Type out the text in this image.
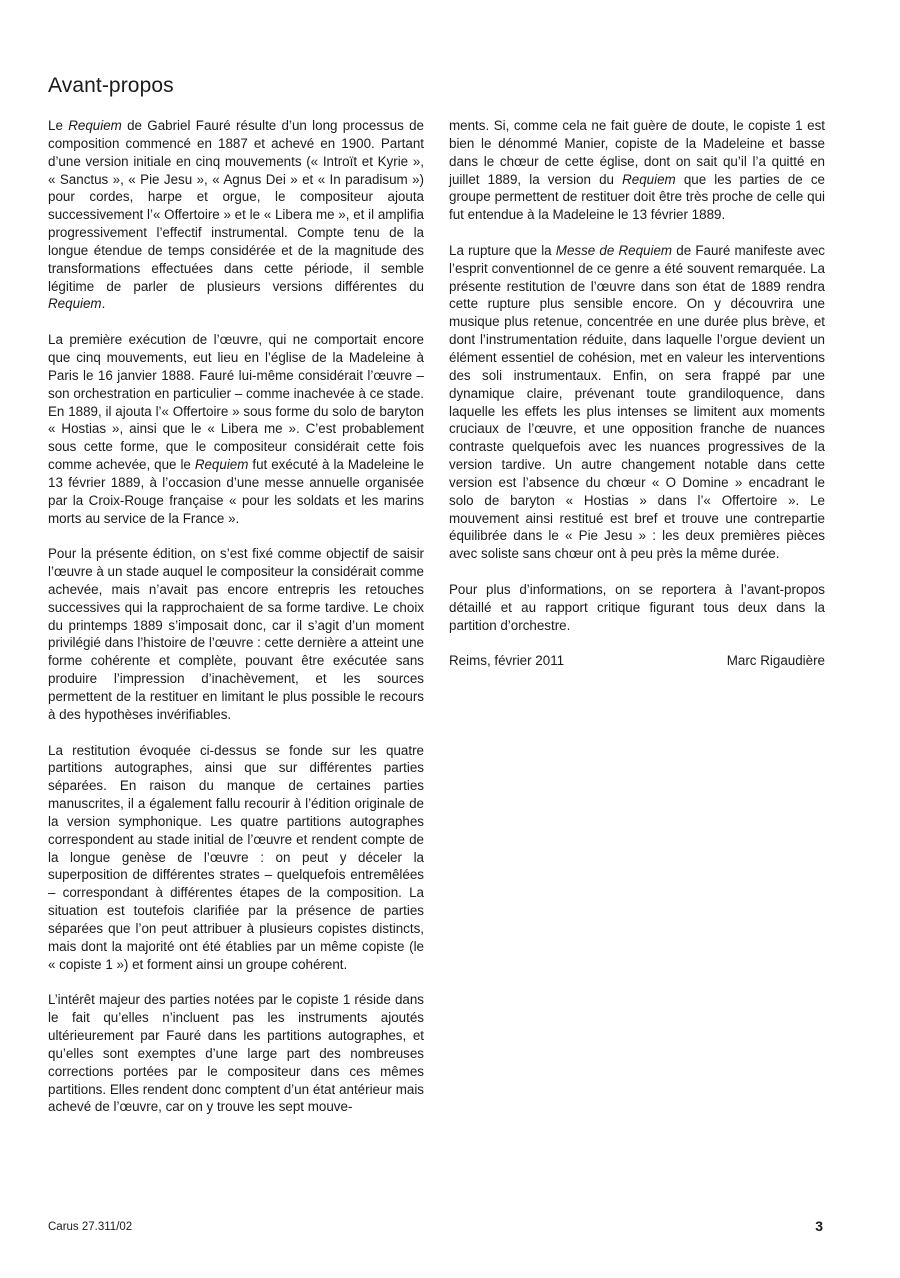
Avant-propos

Le Requiem de Gabriel Fauré résulte d’un long processus de composition commencé en 1887 et achevé en 1900. Partant d’une version initiale en cinq mouvements (« Introït et Kyrie », « Sanctus », « Pie Jesu », « Agnus Dei » et « In paradisum ») pour cordes, harpe et orgue, le compositeur ajouta successivement l’« Offertoire » et le « Libera me », et il amplifia progressivement l’effectif instrumental. Compte tenu de la longue étendue de temps considérée et de la magnitude des transformations effectuées dans cette période, il semble légitime de parler de plusieurs versions différentes du Requiem.

La première exécution de l’œuvre, qui ne comportait encore que cinq mouvements, eut lieu en l’église de la Madeleine à Paris le 16 janvier 1888. Fauré lui-même considérait l’œuvre – son orchestration en particulier – comme inachevée à ce stade. En 1889, il ajouta l’« Offertoire » sous forme du solo de baryton « Hostias », ainsi que le « Libera me ». C’est probablement sous cette forme, que le compositeur considérait cette fois comme achevée, que le Requiem fut exécuté à la Madeleine le 13 février 1889, à l’occasion d’une messe annuelle organisée par la Croix-Rouge française « pour les soldats et les marins morts au service de la France ».

Pour la présente édition, on s’est fixé comme objectif de saisir l’œuvre à un stade auquel le compositeur la considérait comme achevée, mais n’avait pas encore entrepris les retouches successives qui la rapprochaient de sa forme tardive. Le choix du printemps 1889 s’imposait donc, car il s’agit d’un moment privilégié dans l’histoire de l’œuvre : cette dernière a atteint une forme cohérente et complète, pouvant être exécutée sans produire l’impression d’inachèvement, et les sources permettent de la restituer en limitant le plus possible le recours à des hypothèses invérifiables.

La restitution évoquée ci-dessus se fonde sur les quatre partitions autographes, ainsi que sur différentes parties séparées. En raison du manque de certaines parties manuscrites, il a également fallu recourir à l’édition originale de la version symphonique. Les quatre partitions autographes correspondent au stade initial de l’œuvre et rendent compte de la longue genèse de l’œuvre : on peut y déceler la superposition de différentes strates – quelquefois entremêlées – correspondant à différentes étapes de la composition. La situation est toutefois clarifiée par la présence de parties séparées que l’on peut attribuer à plusieurs copistes distincts, mais dont la majorité ont été établies par un même copiste (le « copiste 1 ») et forment ainsi un groupe cohérent.

L’intérêt majeur des parties notées par le copiste 1 réside dans le fait qu’elles n’incluent pas les instruments ajoutés ultérieurement par Fauré dans les partitions autographes, et qu’elles sont exemptes d’une large part des nombreuses corrections portées par le compositeur dans ces mêmes partitions. Elles rendent donc comptent d’un état antérieur mais achevé de l’œuvre, car on y trouve les sept mouve-

ments. Si, comme cela ne fait guère de doute, le copiste 1 est bien le dénommé Manier, copiste de la Madeleine et basse dans le chœur de cette église, dont on sait qu’il l’a quitté en juillet 1889, la version du Requiem que les parties de ce groupe permettent de restituer doit être très proche de celle qui fut entendue à la Madeleine le 13 février 1889.

La rupture que la Messe de Requiem de Fauré manifeste avec l’esprit conventionnel de ce genre a été souvent remarquée. La présente restitution de l’œuvre dans son état de 1889 rendra cette rupture plus sensible encore. On y découvrira une musique plus retenue, concentrée en une durée plus brève, et dont l’instrumentation réduite, dans laquelle l’orgue devient un élément essentiel de cohésion, met en valeur les interventions des soli instrumentaux. Enfin, on sera frappé par une dynamique claire, prévenant toute grandiloquence, dans laquelle les effets les plus intenses se limitent aux moments cruciaux de l’œuvre, et une opposition franche de nuances contraste quelquefois avec les nuances progressives de la version tardive. Un autre changement notable dans cette version est l’absence du chœur « O Domine » encadrant le solo de baryton « Hostias » dans l’« Offertoire ». Le mouvement ainsi restitué est bref et trouve une contrepartie équilibrée dans le « Pie Jesu » : les deux premières pièces avec soliste sans chœur ont à peu près la même durée.

Pour plus d’informations, on se reportera à l’avant-propos détaillé et au rapport critique figurant tous deux dans la partition d’orchestre.

Reims, février 2011	Marc Rigaudière
Carus 27.311/02	3
